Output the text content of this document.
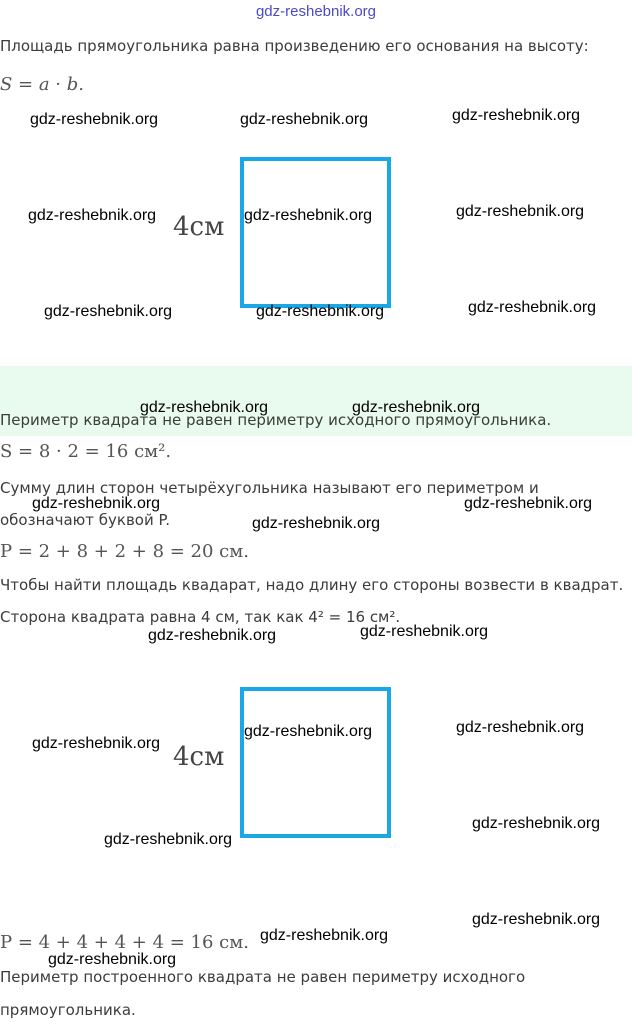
gdz-reshebnik.org
Площадь прямоугольника равна произведению его основания на высоту:
S = a · b.
4см
Периметр квадрата не равен периметру исходного прямоугольника.
S = 8 · 2 = 16 см².
Сумму длин сторон четырёхугольника называют его периметром и
обозначают буквой P.
P = 2 + 8 + 2 + 8 = 20 см.
Чтобы найти площадь квадарат, надо длину его стороны возвести в квадрат.
Сторона квадрата равна 4 см, так как 4² = 16 см².
4см
P = 4 + 4 + 4 + 4 = 16 см.
Периметр построенного квадрата не равен периметру исходного
прямоугольника.
gdz-reshebnik.org	gdz-reshebnik.org	gdz-reshebnik.org
gdz-reshebnik.org	gdz-reshebnik.org	gdz-reshebnik.org
gdz-reshebnik.org	gdz-reshebnik.org	gdz-reshebnik.org
gdz-reshebnik.org	gdz-reshebnik.org
gdz-reshebnik.org	gdz-reshebnik.org
gdz-reshebnik.org
gdz-reshebnik.org	gdz-reshebnik.org
gdz-reshebnik.org	gdz-reshebnik.org
gdz-reshebnik.org
gdz-reshebnik.org
gdz-reshebnik.org
gdz-reshebnik.org
gdz-reshebnik.org
gdz-reshebnik.org
